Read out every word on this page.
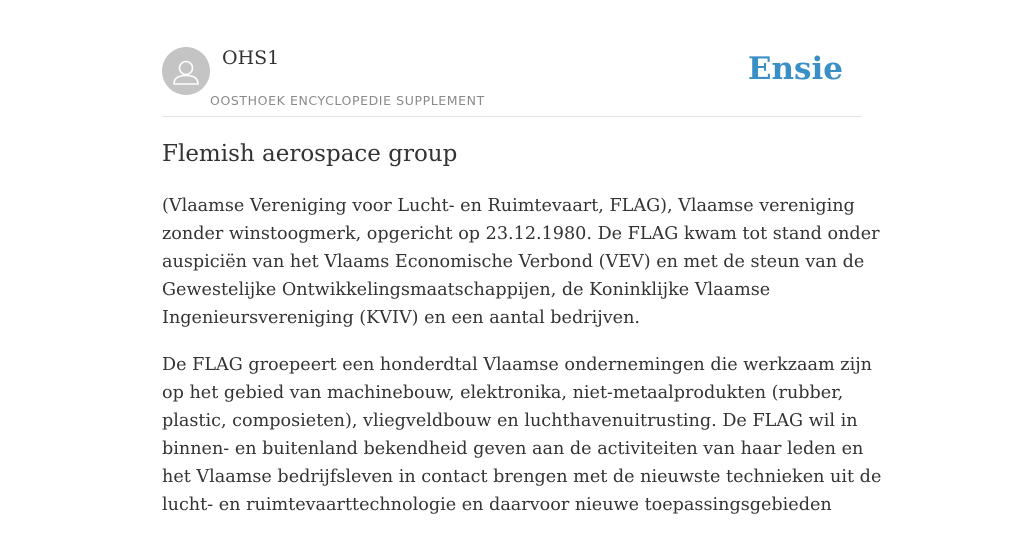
OHS1
OOSTHOEK ENCYCLOPEDIE SUPPLEMENT
Ensie
Flemish aerospace group

(Vlaamse Vereniging voor Lucht- en Ruimtevaart, FLAG), Vlaamse vereniging
zonder winstoogmerk, opgericht op 23.12.1980. De FLAG kwam tot stand onder
auspiciën van het Vlaams Economische Verbond (VEV) en met de steun van de
Gewestelijke Ontwikkelingsmaatschappijen, de Koninklijke Vlaamse
Ingenieursvereniging (KVIV) en een aantal bedrijven.

De FLAG groepeert een honderdtal Vlaamse ondernemingen die werkzaam zijn
op het gebied van machinebouw, elektronika, niet-metaalprodukten (rubber,
plastic, composieten), vliegveldbouw en luchthavenuitrusting. De FLAG wil in
binnen- en buitenland bekendheid geven aan de activiteiten van haar leden en
het Vlaamse bedrijfsleven in contact brengen met de nieuwste technieken uit de
lucht- en ruimtevaarttechnologie en daarvoor nieuwe toepassingsgebieden
